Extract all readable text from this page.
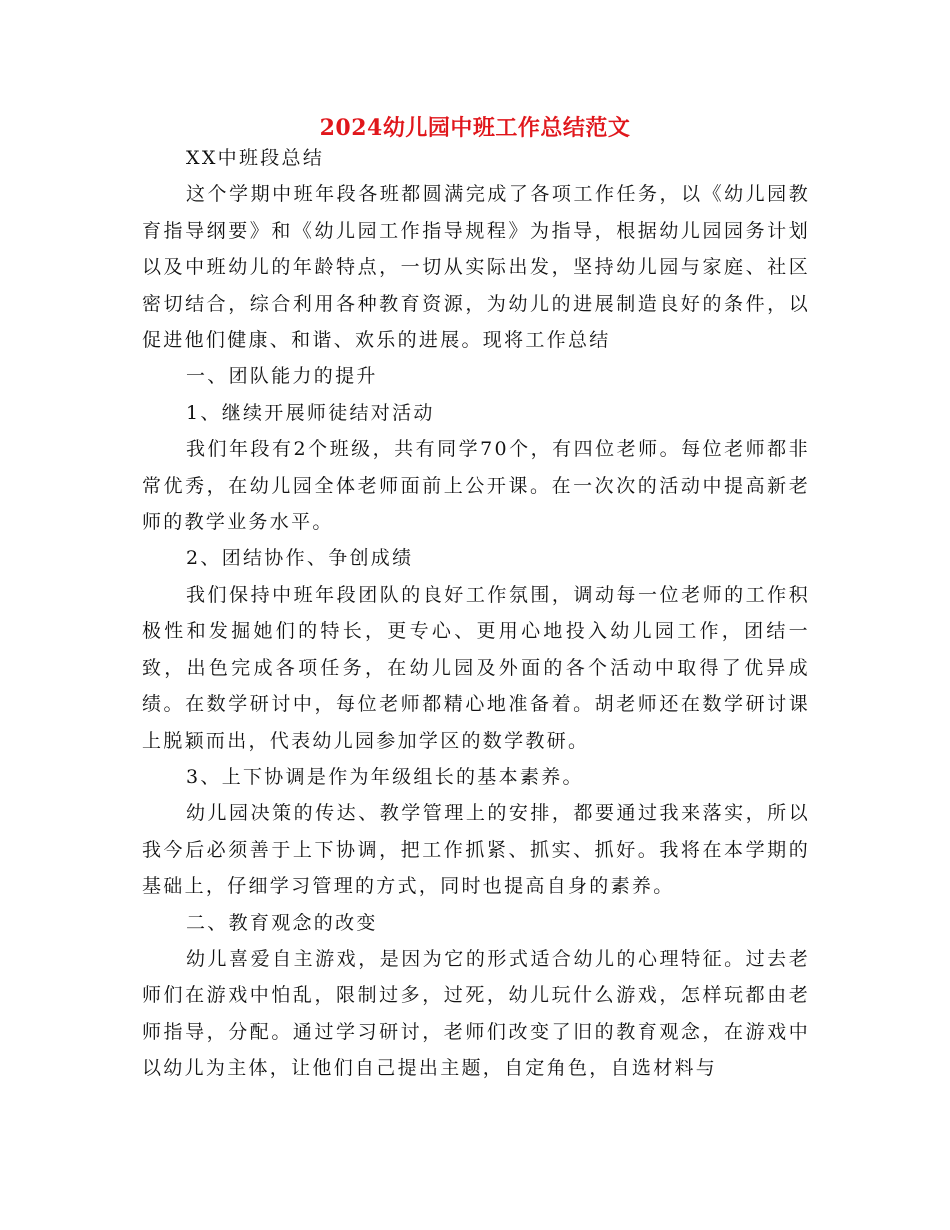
2024幼儿园中班工作总结范文

XX中班段总结

这个学期中班年段各班都圆满完成了各项工作任务，以《幼儿园教育指导纲要》和《幼儿园工作指导规程》为指导，根据幼儿园园务计划以及中班幼儿的年龄特点，一切从实际出发，坚持幼儿园与家庭、社区密切结合，综合利用各种教育资源，为幼儿的进展制造良好的条件，以促进他们健康、和谐、欢乐的进展。现将工作总结

一、团队能力的提升

1、继续开展师徒结对活动

我们年段有2个班级，共有同学70个，有四位老师。每位老师都非常优秀，在幼儿园全体老师面前上公开课。在一次次的活动中提高新老师的教学业务水平。

2、团结协作、争创成绩

我们保持中班年段团队的良好工作氛围，调动每一位老师的工作积极性和发掘她们的特长，更专心、更用心地投入幼儿园工作，团结一致，出色完成各项任务，在幼儿园及外面的各个活动中取得了优异成绩。在数学研讨中，每位老师都精心地准备着。胡老师还在数学研讨课上脱颖而出，代表幼儿园参加学区的数学教研。

3、上下协调是作为年级组长的基本素养。

幼儿园决策的传达、教学管理上的安排，都要通过我来落实，所以我今后必须善于上下协调，把工作抓紧、抓实、抓好。我将在本学期的基础上，仔细学习管理的方式，同时也提高自身的素养。

二、教育观念的改变

幼儿喜爱自主游戏，是因为它的形式适合幼儿的心理特征。过去老师们在游戏中怕乱，限制过多，过死，幼儿玩什么游戏，怎样玩都由老师指导，分配。通过学习研讨，老师们改变了旧的教育观念，在游戏中以幼儿为主体，让他们自己提出主题，自定角色，自选材料与
